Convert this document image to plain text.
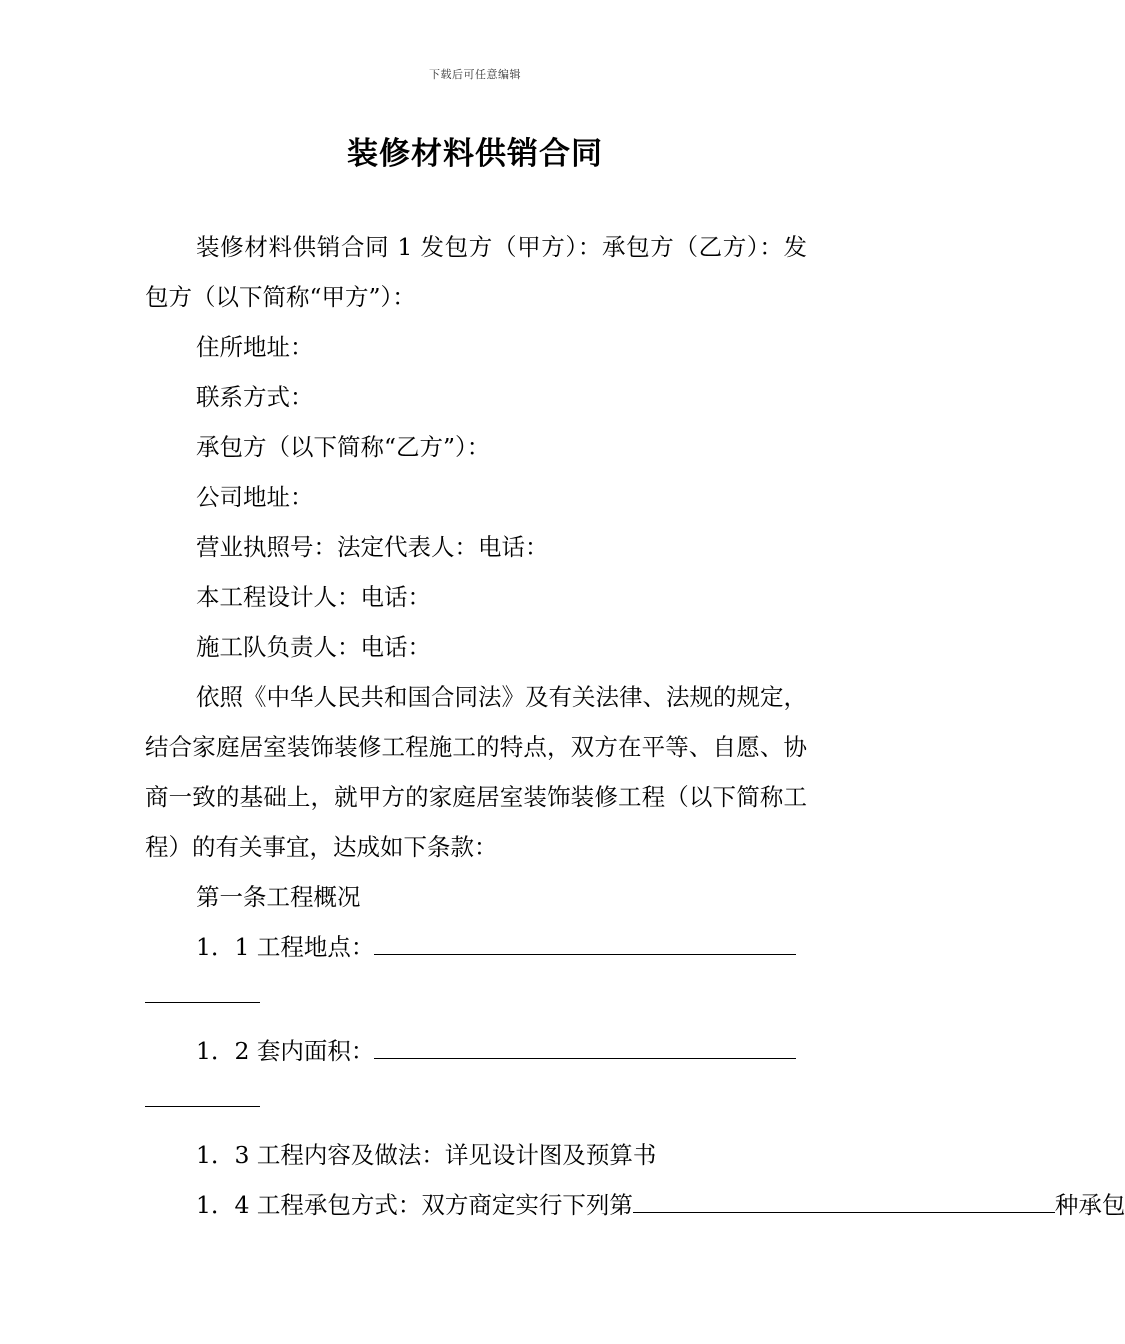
下载后可任意编辑
装修材料供销合同

装修材料供销合同 1 发包方（甲方）：承包方（乙方）：发包方（以下简称“甲方”）：

住所地址：

联系方式：

承包方（以下简称“乙方”）：

公司地址：

营业执照号：法定代表人：电话：

本工程设计人：电话：

施工队负责人：电话：

依照《中华人民共和国合同法》及有关法律、法规的规定，结合家庭居室装饰装修工程施工的特点，双方在平等、自愿、协商一致的基础上，就甲方的家庭居室装饰装修工程（以下简称工程）的有关事宜，达成如下条款：

第一条工程概况

1．1 工程地点：

1．2 套内面积：

1．3 工程内容及做法：详见设计图及预算书

1．4 工程承包方式：双方商定实行下列第	种承包
